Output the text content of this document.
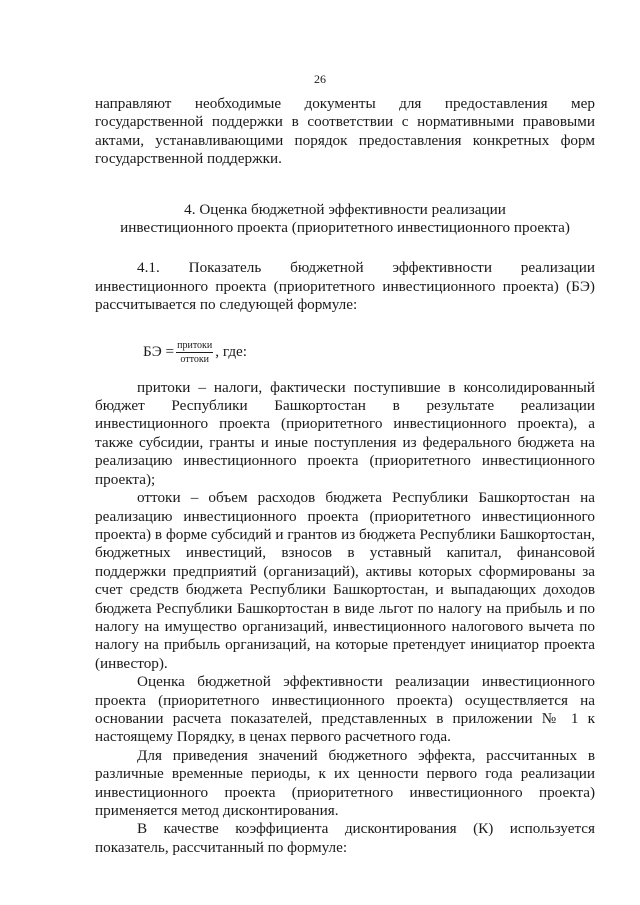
26

направляют необходимые документы для предоставления мер государственной поддержки в соответствии с нормативными правовыми актами, устанавливающими порядок предоставления конкретных форм государственной поддержки.

4. Оценка бюджетной эффективности реализации
инвестиционного проекта (приоритетного инвестиционного проекта)

4.1. Показатель бюджетной эффективности реализации инвестиционного проекта (приоритетного инвестиционного проекта) (БЭ) рассчитывается по следующей формуле:

БЭ = $\frac{\text{притоки}}{\text{оттоки}}$ , где:

притоки – налоги, фактически поступившие в консолидированный бюджет Республики Башкортостан в результате реализации инвестиционного проекта (приоритетного инвестиционного проекта), а также субсидии, гранты и иные поступления из федерального бюджета на реализацию инвестиционного проекта (приоритетного инвестиционного проекта);

оттоки – объем расходов бюджета Республики Башкортостан на реализацию инвестиционного проекта (приоритетного инвестиционного проекта) в форме субсидий и грантов из бюджета Республики Башкортостан, бюджетных инвестиций, взносов в уставный капитал, финансовой поддержки предприятий (организаций), активы которых сформированы за счет средств бюджета Республики Башкортостан, и выпадающих доходов бюджета Республики Башкортостан в виде льгот по налогу на прибыль и по налогу на имущество организаций, инвестиционного налогового вычета по налогу на прибыль организаций, на которые претендует инициатор проекта (инвестор).

Оценка бюджетной эффективности реализации инвестиционного проекта (приоритетного инвестиционного проекта) осуществляется на основании расчета показателей, представленных в приложении № 1 к настоящему Порядку, в ценах первого расчетного года.

Для приведения значений бюджетного эффекта, рассчитанных в различные временные периоды, к их ценности первого года реализации инвестиционного проекта (приоритетного инвестиционного проекта) применяется метод дисконтирования.

В качестве коэффициента дисконтирования (К) используется показатель, рассчитанный по формуле:
